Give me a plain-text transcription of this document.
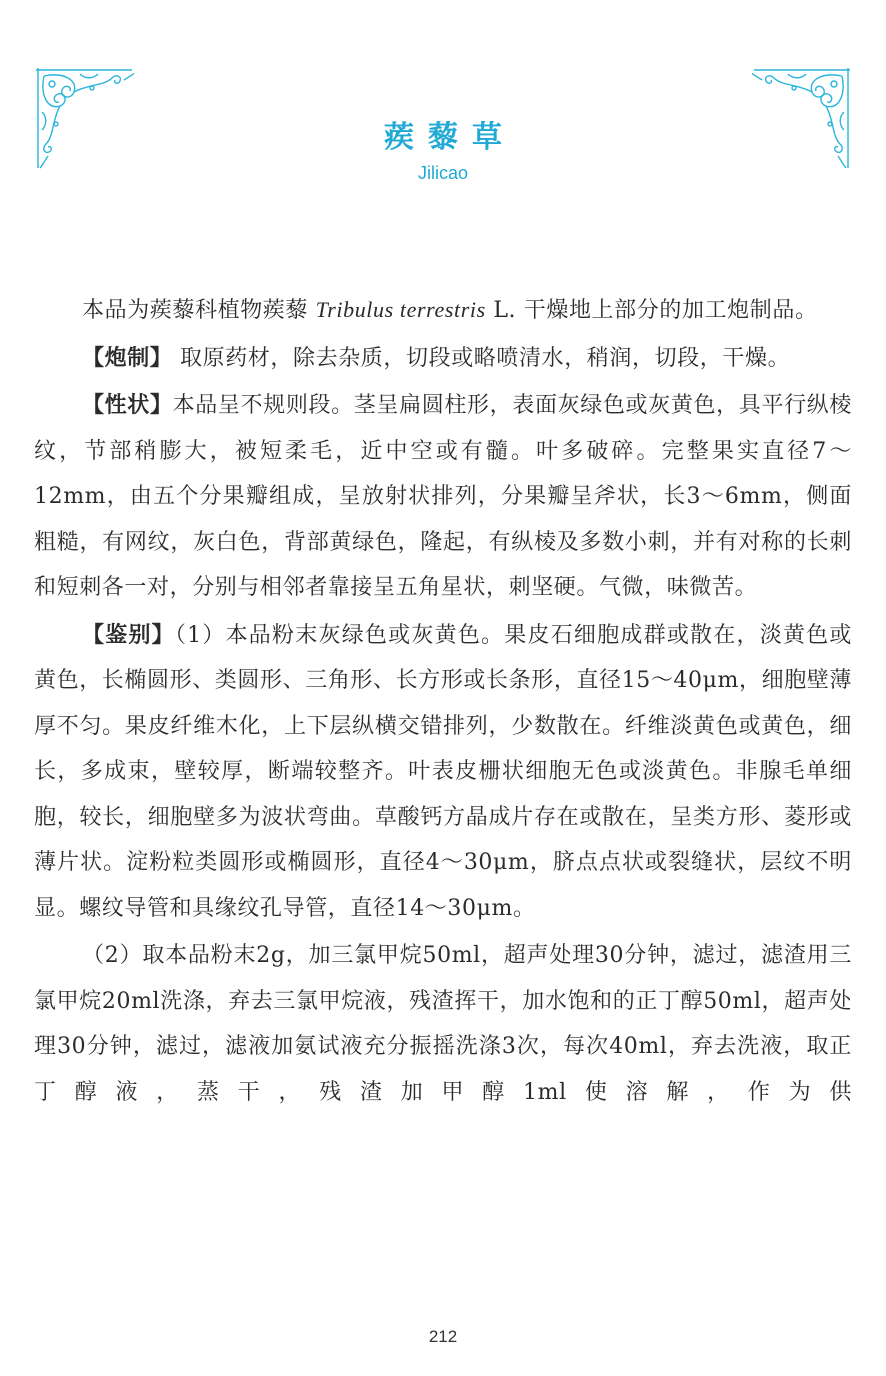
蒺藜草
Jilicao

本品为蒺藜科植物蒺藜 Tribulus terrestris L. 干燥地上部分的加工炮制品。

【炮制】 取原药材，除去杂质，切段或略喷清水，稍润，切段，干燥。

【性状】本品呈不规则段。茎呈扁圆柱形，表面灰绿色或灰黄色，具平行纵棱纹，节部稍膨大，被短柔毛，近中空或有髓。叶多破碎。完整果实直径7～12mm，由五个分果瓣组成，呈放射状排列，分果瓣呈斧状，长3～6mm，侧面粗糙，有网纹，灰白色，背部黄绿色，隆起，有纵棱及多数小刺，并有对称的长刺和短刺各一对，分别与相邻者靠接呈五角星状，刺坚硬。气微，味微苦。

【鉴别】（1）本品粉末灰绿色或灰黄色。果皮石细胞成群或散在，淡黄色或黄色，长椭圆形、类圆形、三角形、长方形或长条形，直径15～40μm，细胞壁薄厚不匀。果皮纤维木化，上下层纵横交错排列，少数散在。纤维淡黄色或黄色，细长，多成束，壁较厚，断端较整齐。叶表皮栅状细胞无色或淡黄色。非腺毛单细胞，较长，细胞壁多为波状弯曲。草酸钙方晶成片存在或散在，呈类方形、菱形或薄片状。淀粉粒类圆形或椭圆形，直径4～30μm，脐点点状或裂缝状，层纹不明显。螺纹导管和具缘纹孔导管，直径14～30μm。

（2）取本品粉末2g，加三氯甲烷50ml，超声处理30分钟，滤过，滤渣用三氯甲烷20ml洗涤，弃去三氯甲烷液，残渣挥干，加水饱和的正丁醇50ml，超声处理30分钟，滤过，滤液加氨试液充分振摇洗涤3次，每次40ml，弃去洗液，取正丁醇液，蒸干，残渣加甲醇1ml使溶解，作为供

212
